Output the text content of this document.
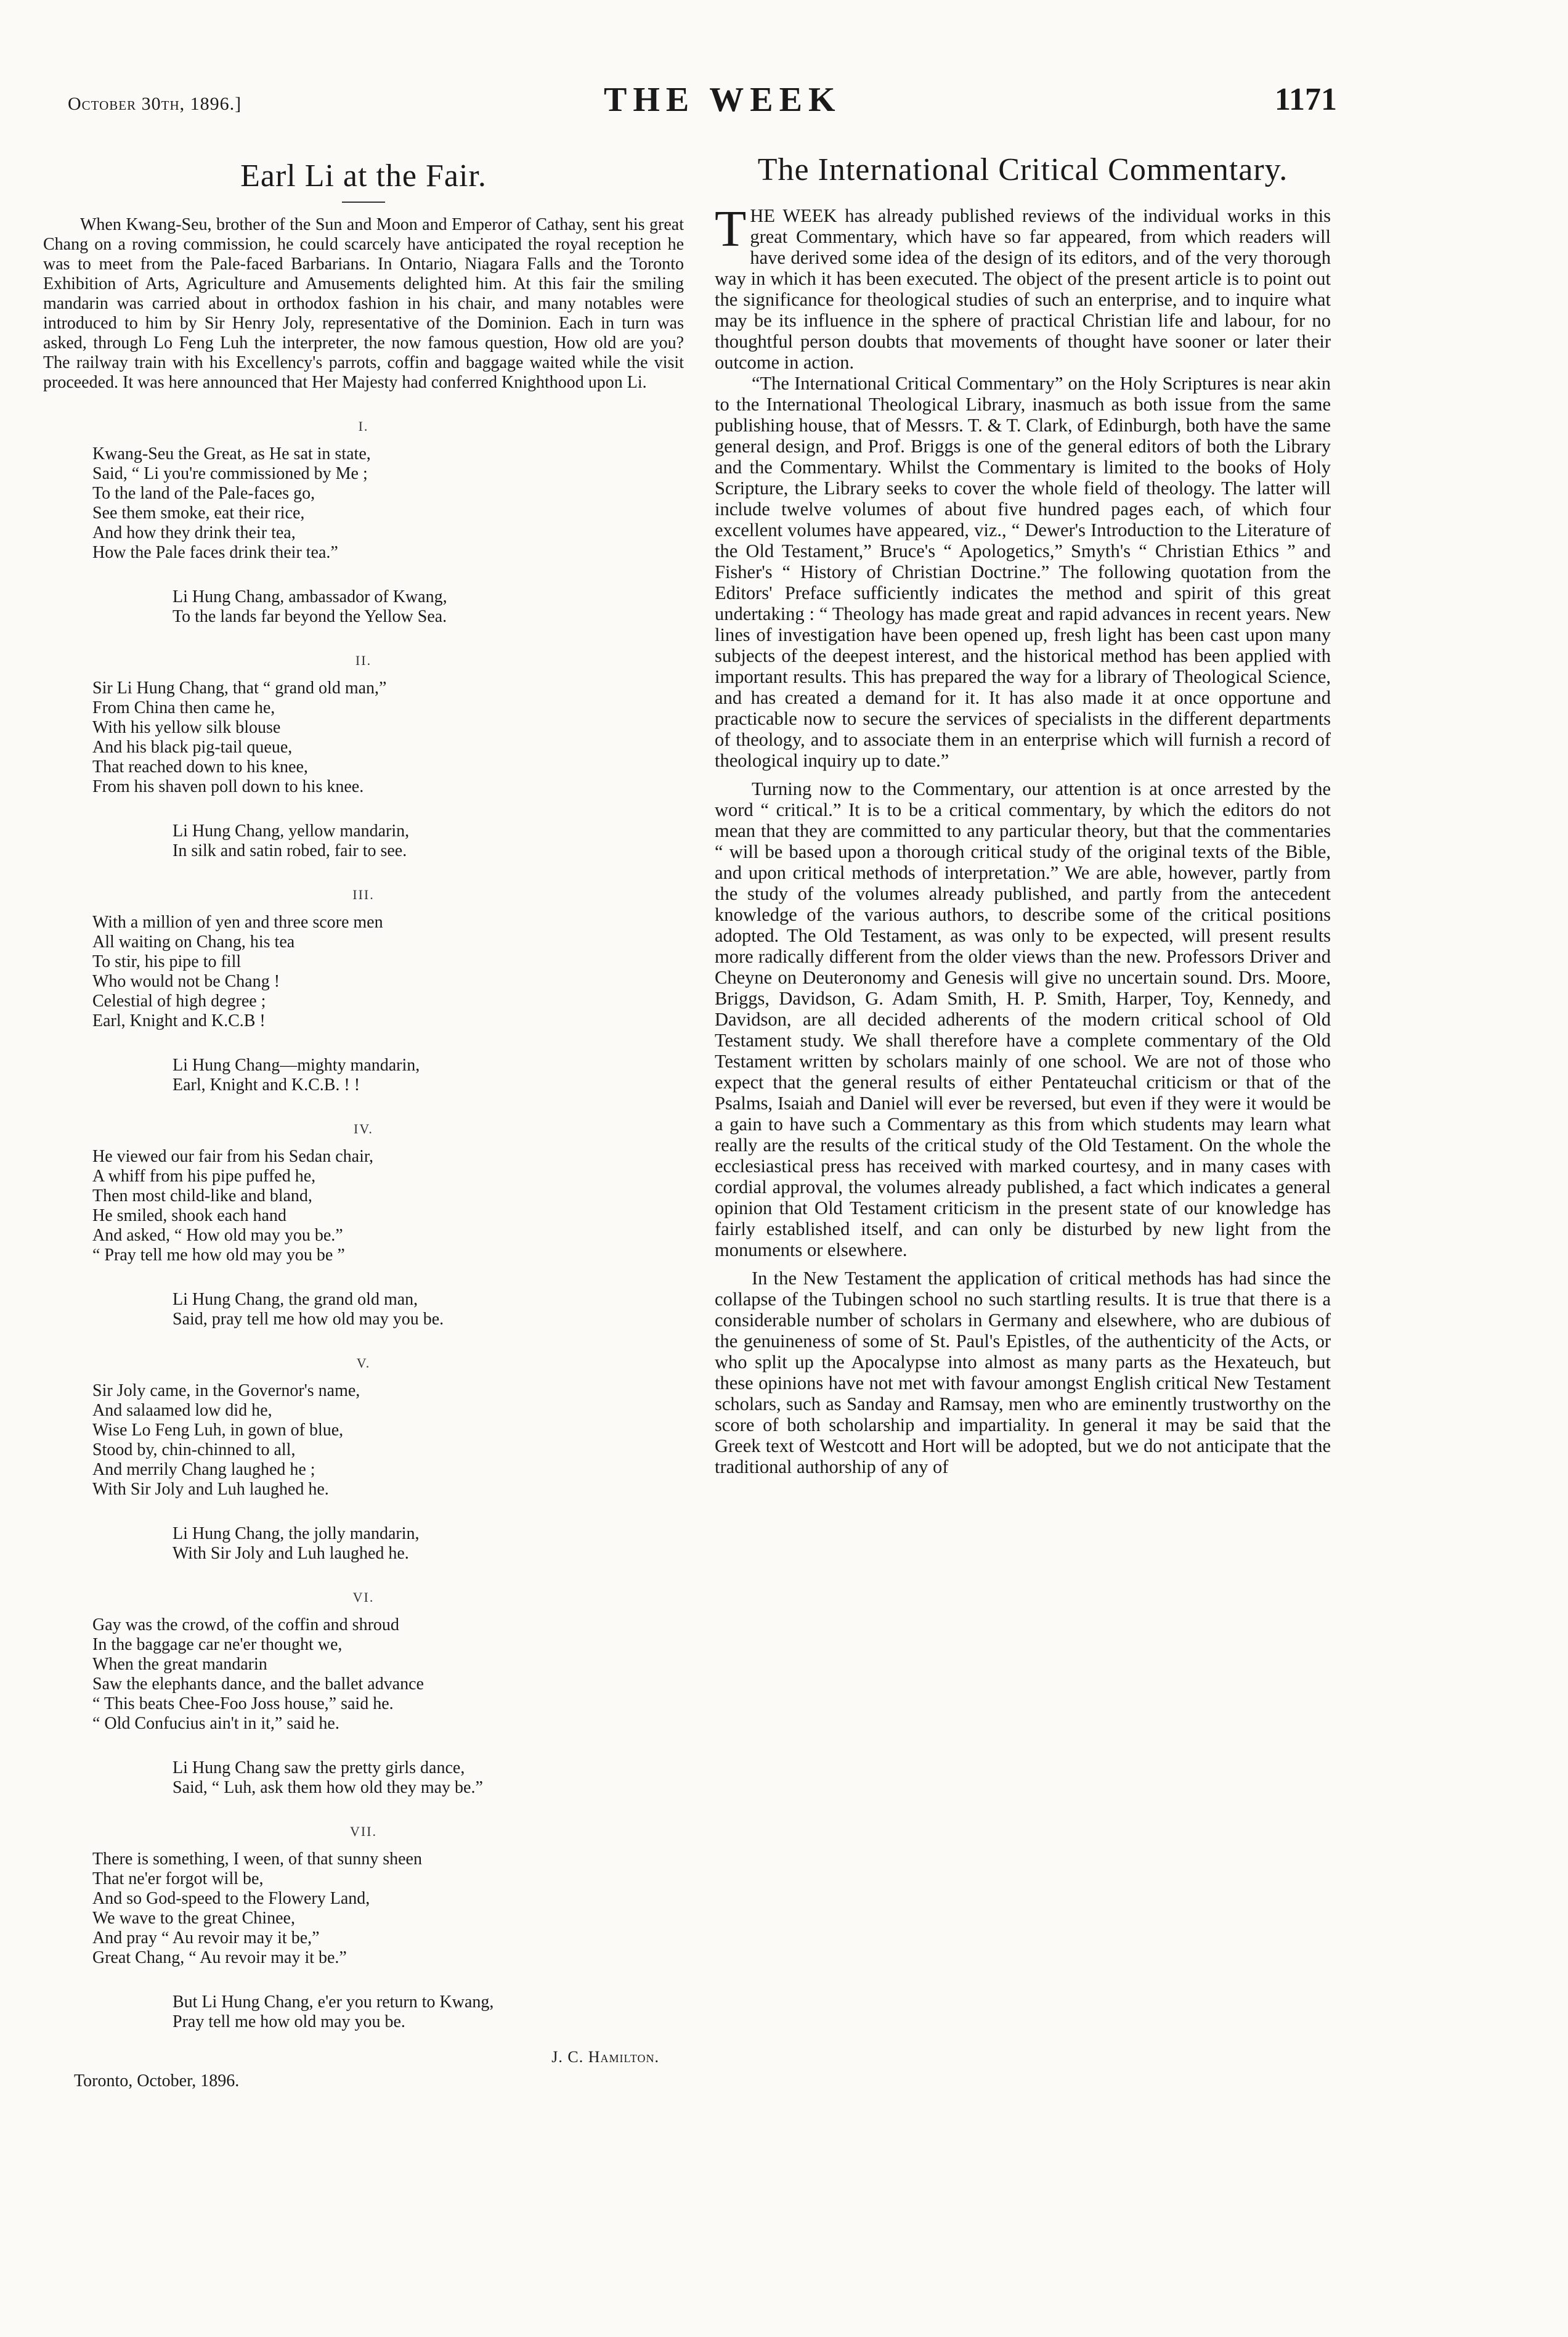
October 30th, 1896.]	THE WEEK	1171
Earl Li at the Fair.

When Kwang-Seu, brother of the Sun and Moon and Emperor of Cathay, sent his great Chang on a roving commission, he could scarcely have anticipated the royal reception he was to meet from the Pale-faced Barbarians. In Ontario, Niagara Falls and the Toronto Exhibition of Arts, Agriculture and Amusements delighted him. At this fair the smiling mandarin was carried about in orthodox fashion in his chair, and many notables were introduced to him by Sir Henry Joly, representative of the Dominion. Each in turn was asked, through Lo Feng Luh the interpreter, the now famous question, How old are you? The railway train with his Excellency's parrots, coffin and baggage waited while the visit proceeded. It was here announced that Her Majesty had conferred Knighthood upon Li.

I.
Kwang-Seu the Great, as He sat in state,
Said, “ Li you're commissioned by Me ;
To the land of the Pale-faces go,
See them smoke, eat their rice,
And how they drink their tea,
How the Pale faces drink their tea.”
Li Hung Chang, ambassador of Kwang,
To the lands far beyond the Yellow Sea.
II.
Sir Li Hung Chang, that “ grand old man,”
From China then came he,
With his yellow silk blouse
And his black pig-tail queue,
That reached down to his knee,
From his shaven poll down to his knee.
Li Hung Chang, yellow mandarin,
In silk and satin robed, fair to see.
III.
With a million of yen and three score men
All waiting on Chang, his tea
To stir, his pipe to fill
Who would not be Chang !
Celestial of high degree ;
Earl, Knight and K.C.B !
Li Hung Chang—mighty mandarin,
Earl, Knight and K.C.B. ! !
IV.
He viewed our fair from his Sedan chair,
A whiff from his pipe puffed he,
Then most child-like and bland,
He smiled, shook each hand
And asked, “ How old may you be.”
“ Pray tell me how old may you be ”
Li Hung Chang, the grand old man,
Said, pray tell me how old may you be.
V.
Sir Joly came, in the Governor's name,
And salaamed low did he,
Wise Lo Feng Luh, in gown of blue,
Stood by, chin-chinned to all,
And merrily Chang laughed he ;
With Sir Joly and Luh laughed he.
Li Hung Chang, the jolly mandarin,
With Sir Joly and Luh laughed he.
VI.
Gay was the crowd, of the coffin and shroud
In the baggage car ne'er thought we,
When the great mandarin
Saw the elephants dance, and the ballet advance
“ This beats Chee-Foo Joss house,” said he.
“ Old Confucius ain't in it,” said he.
Li Hung Chang saw the pretty girls dance,
Said, “ Luh, ask them how old they may be.”
VII.
There is something, I ween, of that sunny sheen
That ne'er forgot will be,
And so God-speed to the Flowery Land,
We wave to the great Chinee,
And pray “ Au revoir may it be,”
Great Chang, “ Au revoir may it be.”
But Li Hung Chang, e'er you return to Kwang,
Pray tell me how old may you be.
J. C. Hamilton.
Toronto, October, 1896.
The International Critical Commentary.

THE WEEK has already published reviews of the individual works in this great Commentary, which have so far appeared, from which readers will have derived some idea of the design of its editors, and of the very thorough way in which it has been executed. The object of the present article is to point out the significance for theological studies of such an enterprise, and to inquire what may be its influence in the sphere of practical Christian life and labour, for no thoughtful person doubts that movements of thought have sooner or later their outcome in action.

“The International Critical Commentary” on the Holy Scriptures is near akin to the International Theological Library, inasmuch as both issue from the same publishing house, that of Messrs. T. & T. Clark, of Edinburgh, both have the same general design, and Prof. Briggs is one of the general editors of both the Library and the Commentary. Whilst the Commentary is limited to the books of Holy Scripture, the Library seeks to cover the whole field of theology. The latter will include twelve volumes of about five hundred pages each, of which four excellent volumes have appeared, viz., “ Dewer's Introduction to the Literature of the Old Testament,” Bruce's “ Apologetics,” Smyth's “ Christian Ethics ” and Fisher's “ History of Christian Doctrine.” The following quotation from the Editors' Preface sufficiently indicates the method and spirit of this great undertaking : “ Theology has made great and rapid advances in recent years. New lines of investigation have been opened up, fresh light has been cast upon many subjects of the deepest interest, and the historical method has been applied with important results. This has prepared the way for a library of Theological Science, and has created a demand for it. It has also made it at once opportune and practicable now to secure the services of specialists in the different departments of theology, and to associate them in an enterprise which will furnish a record of theological inquiry up to date.”

Turning now to the Commentary, our attention is at once arrested by the word “ critical.” It is to be a critical commentary, by which the editors do not mean that they are committed to any particular theory, but that the commentaries “ will be based upon a thorough critical study of the original texts of the Bible, and upon critical methods of interpretation.” We are able, however, partly from the study of the volumes already published, and partly from the antecedent knowledge of the various authors, to describe some of the critical positions adopted. The Old Testament, as was only to be expected, will present results more radically different from the older views than the new. Professors Driver and Cheyne on Deuteronomy and Genesis will give no uncertain sound. Drs. Moore, Briggs, Davidson, G. Adam Smith, H. P. Smith, Harper, Toy, Kennedy, and Davidson, are all decided adherents of the modern critical school of Old Testament study. We shall therefore have a complete commentary of the Old Testament written by scholars mainly of one school. We are not of those who expect that the general results of either Pentateuchal criticism or that of the Psalms, Isaiah and Daniel will ever be reversed, but even if they were it would be a gain to have such a Commentary as this from which students may learn what really are the results of the critical study of the Old Testament. On the whole the ecclesiastical press has received with marked courtesy, and in many cases with cordial approval, the volumes already published, a fact which indicates a general opinion that Old Testament criticism in the present state of our knowledge has fairly established itself, and can only be disturbed by new light from the monuments or elsewhere.

In the New Testament the application of critical methods has had since the collapse of the Tubingen school no such startling results. It is true that there is a considerable number of scholars in Germany and elsewhere, who are dubious of the genuineness of some of St. Paul's Epistles, of the authenticity of the Acts, or who split up the Apocalypse into almost as many parts as the Hexateuch, but these opinions have not met with favour amongst English critical New Testament scholars, such as Sanday and Ramsay, men who are eminently trustworthy on the score of both scholarship and impartiality. In general it may be said that the Greek text of Westcott and Hort will be adopted, but we do not anticipate that the traditional authorship of any of
